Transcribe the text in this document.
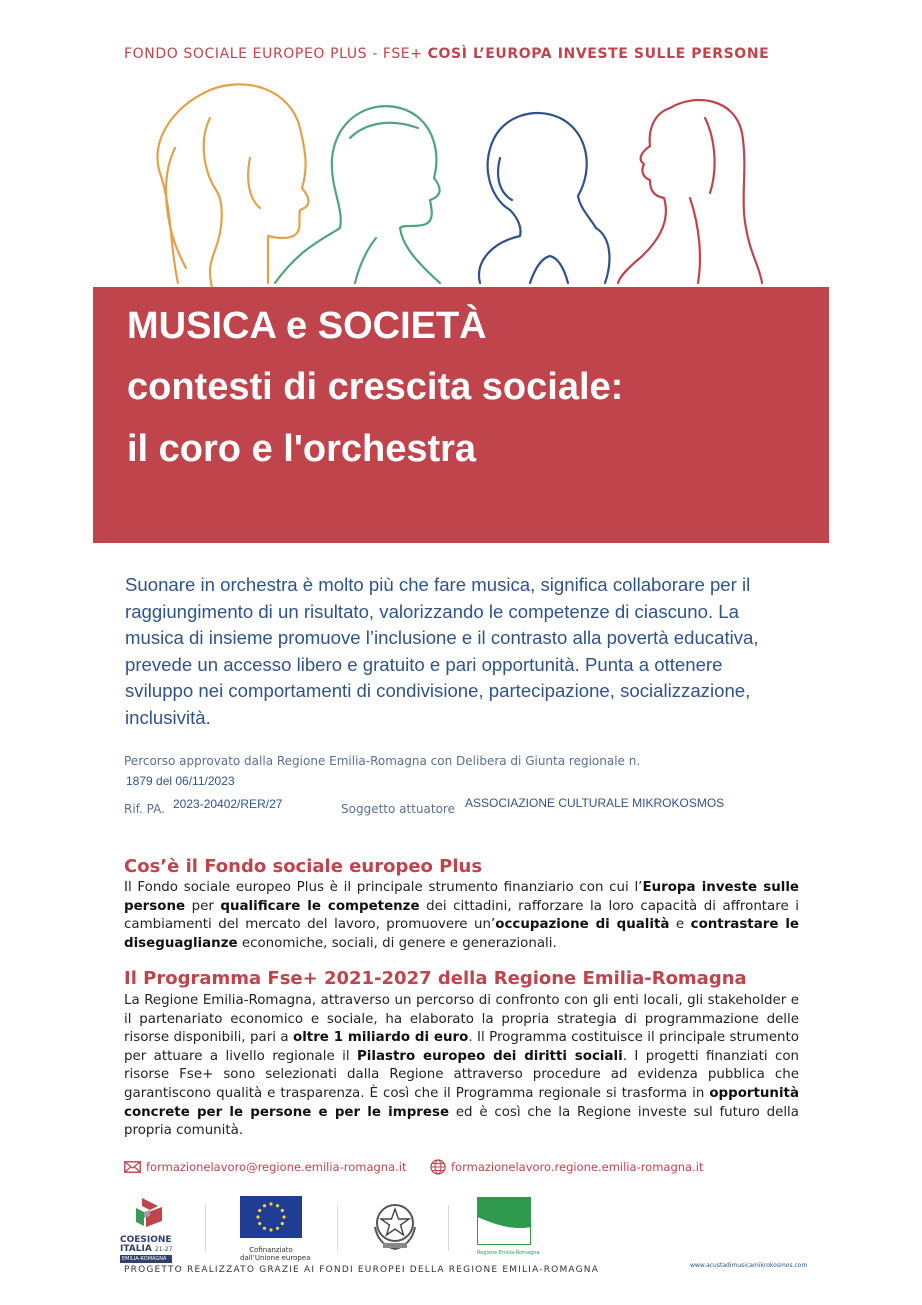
FONDO SOCIALE EUROPEO PLUS - FSE+ COSÌ L’EUROPA INVESTE SULLE PERSONE
MUSICA e SOCIETÀ
contesti di crescita sociale:
il coro e l'orchestra
Suonare in orchestra è molto più che fare musica, significa collaborare per il
raggiungimento di un risultato, valorizzando le competenze di ciascuno. La
musica di insieme promuove l’inclusione e il contrasto alla povertà educativa,
prevede un accesso libero e gratuito e pari opportunità. Punta a ottenere
sviluppo nei comportamenti di condivisione, partecipazione, socializzazione,
inclusività.
Percorso approvato dalla Regione Emilia-Romagna con Delibera di Giunta regionale n.
1879 del 06/11/2023
Rif. PA. 2023-20402/RER/27	Soggetto attuatore ASSOCIAZIONE CULTURALE MIKROKOSMOS
Cos’è il Fondo sociale europeo Plus
Il Fondo sociale europeo Plus è il principale strumento finanziario con cui l’Europa investe sulle persone per qualificare le competenze dei cittadini, rafforzare la loro capacità di affrontare i cambiamenti del mercato del lavoro, promuovere un’occupazione di qualità e contrastare le diseguaglianze economiche, sociali, di genere e generazionali.
Il Programma Fse+ 2021-2027 della Regione Emilia-Romagna
La Regione Emilia-Romagna, attraverso un percorso di confronto con gli enti locali, gli stakeholder e il partenariato economico e sociale, ha elaborato la propria strategia di programmazione delle risorse disponibili, pari a oltre 1 miliardo di euro. Il Programma costituisce il principale strumento per attuare a livello regionale il Pilastro europeo dei diritti sociali. I progetti finanziati con risorse Fse+ sono selezionati dalla Regione attraverso procedure ad evidenza pubblica che garantiscono qualità e trasparenza. È così che il Programma regionale si trasforma in opportunità concrete per le persone e per le imprese ed è così che la Regione investe sul futuro della propria comunità.
formazionelavoro@regione.emilia-romagna.it	formazionelavoro.regione.emilia-romagna.it
COESIONE
ITALIA 21-27
EMILIA-ROMAGNA
Cofinanziato
dall’Unione europea
Regione Emilia-Romagna
www.acustadimusicamikrokosmos.com
PROGETTO REALIZZATO GRAZIE AI FONDI EUROPEI DELLA REGIONE EMILIA-ROMAGNA
